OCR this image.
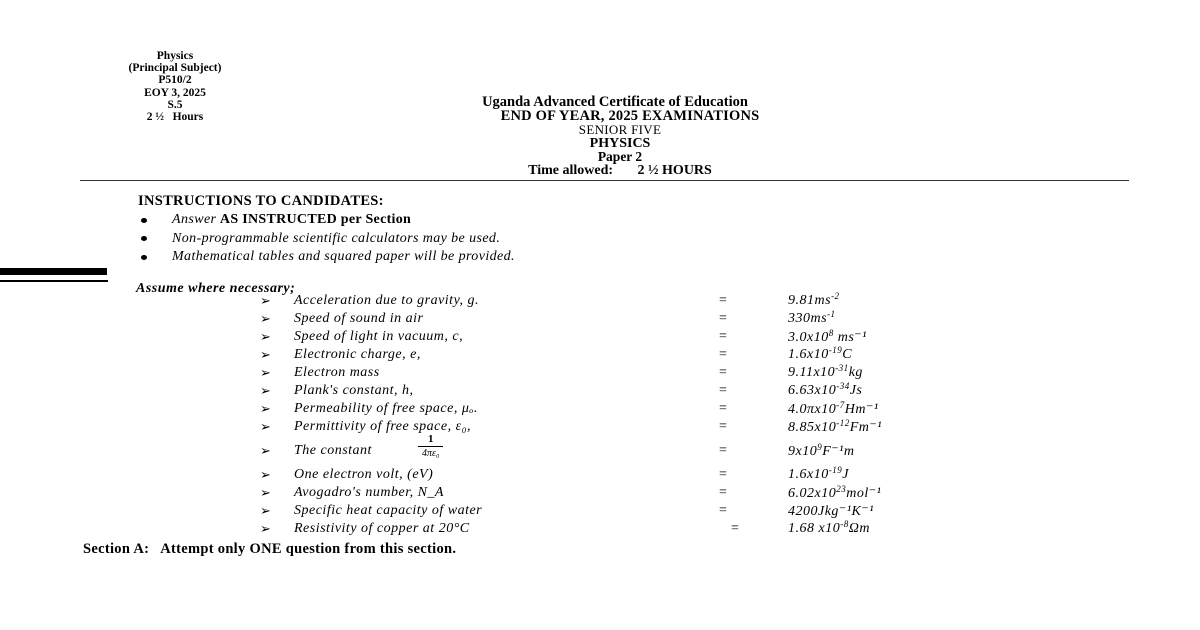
Physics
(Principal Subject)
P510/2
EOY 3, 2025
S.5
2 ½   Hours
Uganda Advanced Certificate of Education
END OF YEAR, 2025 EXAMINATIONS
SENIOR FIVE
PHYSICS
Paper 2
Time allowed:       2 ½ HOURS
INSTRUCTIONS TO CANDIDATES:
Answer
AS INSTRUCTED per Section
Non-programmable scientific calculators may be used.
Mathematical tables and squared paper will be provided.
Assume where necessary;
➢ Acceleration due to gravity, g.	=	$9.81ms^{-2}$
➢ Speed of sound in air	=	$330ms^{-1}$
➢ Speed of light in vacuum, c,	=	$3.0x10^8$ ms⁻¹
➢ Electronic charge, e,	=	$1.6x10^{-19}C$
➢ Electron mass	=	$9.11x10^{-31}kg$
➢ Plank's constant, h,	=	$6.63x10^{-34}Js$
➢ Permeability of free space, μₒ.	=	$4.0\pi x10^{-7}Hm^{-1}$
➢ Permittivity of free space, ε₀,	=	$8.85x10^{-12}Fm^{-1}$
➢ The constant	$\frac{1}{\text{4πε₀}}$	=	$9x10^9F^{-1}m$
➢ One electron volt, (eV)	=	$1.6x10^{-19}J$
➢ Avogadro's number, N_A	=	$6.02x10^{23}mol^{-1}$
➢ Specific heat capacity of water	=	4200Jkg⁻¹K⁻¹
➢ Resistivity of copper at 20°C	=	1.68 $x10^{-8}\Omega m$
Section A:   Attempt only ONE question from this section.
